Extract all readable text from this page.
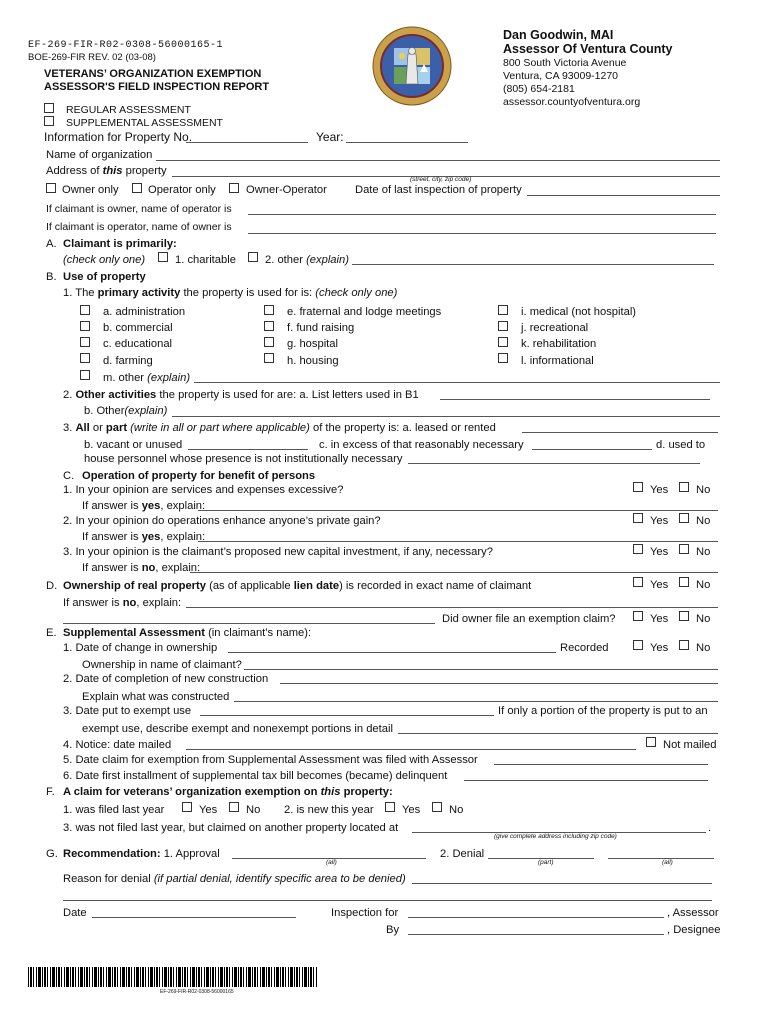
EF-269-FIR-R02-0308-56000165-1
BOE-269-FIR REV. 02 (03-08)
VETERANS’ ORGANIZATION EXEMPTION
ASSESSOR'S FIELD INSPECTION REPORT
Dan Goodwin, MAI
Assessor Of Ventura County
800 South Victoria Avenue
Ventura, CA 93009-1270
(805) 654-2181
assessor.countyofventura.org
REGULAR ASSESSMENT
SUPPLEMENTAL ASSESSMENT
Information for Property No.	Year:
Name of organization
Address of this property
(street, city, zip code)
Owner only	Operator only	Owner-Operator	Date of last inspection of property
If claimant is owner, name of operator is
If claimant is operator, name of owner is
A. Claimant is primarily:
(check only one)	1. charitable	2. other (explain)
B. Use of property
1. The primary activity the property is used for is: (check only one)
a. administration
b. commercial
c. educational
d. farming
e. fraternal and lodge meetings
f. fund raising
g. hospital
h. housing
i. medical (not hospital)
j. recreational
k. rehabilitation
l. informational
m. other (explain)
2. Other activities the property is used for are: a. List letters used in B1
b. Other(explain)
3. All or part (write in all or part where applicable) of the property is: a. leased or rented
b. vacant or unused	c. in excess of that reasonably necessary	d. used to
house personnel whose presence is not institutionally necessary
C. Operation of property for benefit of persons
1. In your opinion are services and expenses excessive?	Yes No
If answer is yes, explain:
2. In your opinion do operations enhance anyone’s private gain?	Yes No
If answer is yes, explain:
3. In your opinion is the claimant’s proposed new capital investment, if any, necessary?	Yes No
If answer is no, explain:
D. Ownership of real property (as of applicable lien date) is recorded in exact name of claimant	Yes No
If answer is no, explain:
Did owner file an exemption claim?	Yes No
E. Supplemental Assessment (in claimant’s name):
1. Date of change in ownership	Recorded	Yes No
Ownership in name of claimant?
2. Date of completion of new construction
Explain what was constructed
3. Date put to exempt use	If only a portion of the property is put to an
exempt use, describe exempt and nonexempt portions in detail
4. Notice: date mailed	Not mailed
5. Date claim for exemption from Supplemental Assessment was filed with Assessor
6. Date first installment of supplemental tax bill becomes (became) delinquent
F. A claim for veterans’ organization exemption on this property:
1. was filed last year	Yes	No 2. is new this year	Yes	No
3. was not filed last year, but claimed on another property located at	.
(give complete address including zip code)
G. Recommendation: 1. Approval
(all)
2. Denial
(part)	(all)
Reason for denial (if partial denial, identify specific area to be denied)
Date	Inspection for	, Assessor
By	, Designee
EF-269-FIR-R02-0308-56000165
